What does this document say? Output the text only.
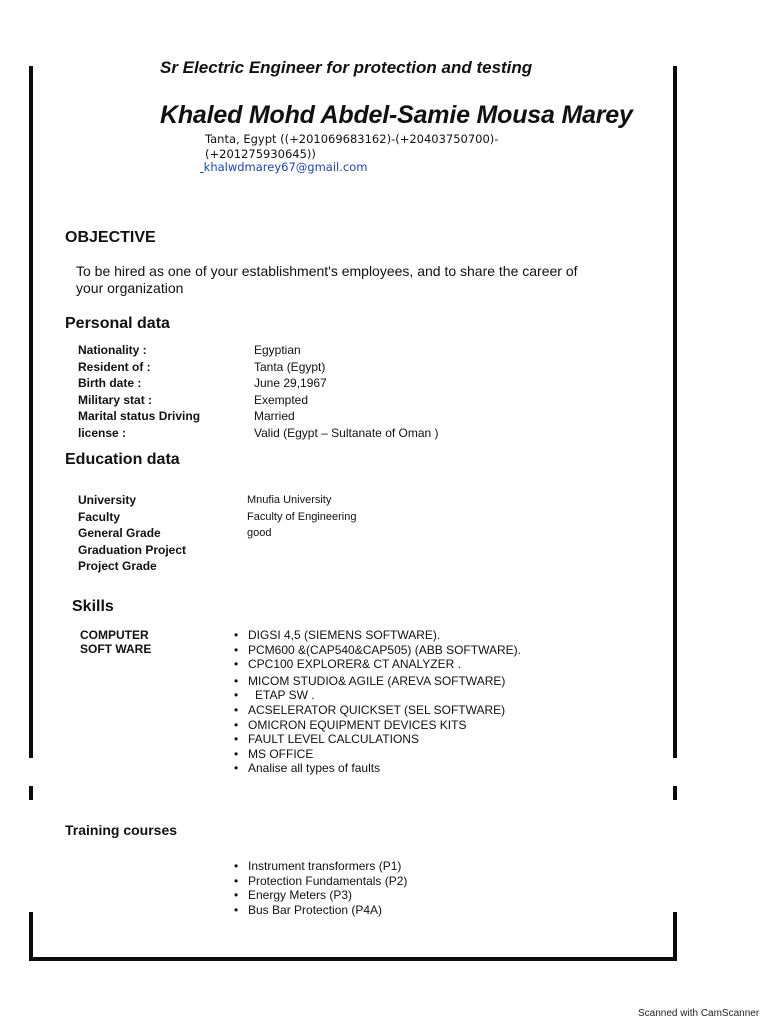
Sr Electric Engineer for protection and testing
Khaled Mohd Abdel-Samie Mousa Marey
Tanta, Egypt ((+201069683162)-(+20403750700)-
(+201275930645))
khalwdmarey67@gmail.com
OBJECTIVE
To be hired as one of your establishment's employees, and to share the career of
your organization
Personal data
Nationality :
Resident of :
Birth date :
Military stat :
Marital status Driving
license :
Egyptian
Tanta (Egypt)
June 29,1967
Exempted
Married
Valid (Egypt – Sultanate of Oman )
Education data
University
Faculty
General Grade
Graduation Project
Project Grade
Mnufia University
Faculty of Engineering
good
Skills
COMPUTER
SOFT WARE
• DIGSI 4,5 (SIEMENS SOFTWARE).
• PCM600 &(CAP540&CAP505) (ABB SOFTWARE).
• CPC100 EXPLORER& CT ANALYZER .
• MICOM STUDIO& AGILE (AREVA SOFTWARE)
• ETAP SW .
• ACSELERATOR QUICKSET (SEL SOFTWARE)
• OMICRON EQUIPMENT DEVICES KITS
• FAULT LEVEL CALCULATIONS
• MS OFFICE
• Analise all types of faults
Training courses
• Instrument transformers (P1)
• Protection Fundamentals (P2)
• Energy Meters (P3)
• Bus Bar Protection (P4A)
Scanned with CamScanner
